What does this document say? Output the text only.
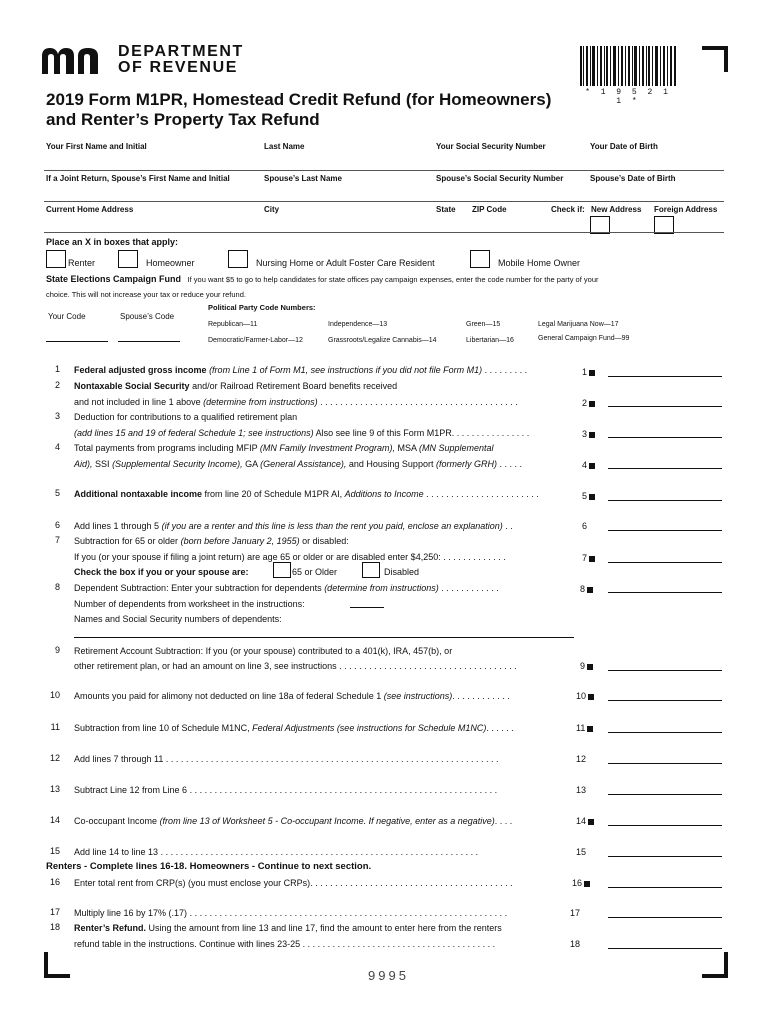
DEPARTMENT
OF REVENUE
* 1 9 5 2 1 1 *
2019 Form M1PR, Homestead Credit Refund (for Homeowners)
and Renter’s Property Tax Refund
Your First Name and Initial	Last Name	Your Social Security Number	Your Date of Birth
If a Joint Return, Spouse’s First Name and Initial	Spouse’s Last Name	Spouse’s Social Security Number	Spouse’s Date of Birth
Current Home Address	City	State ZIP Code	Check if: New Address Foreign Address
Place an X in boxes that apply:
Renter	Homeowner	Nursing Home or Adult Foster Care Resident	Mobile Home Owner
State Elections Campaign Fund If you want $5 to go to help candidates for state offices pay campaign expenses, enter the code number for the party of your
choice. This will not increase your tax or reduce your refund.
Political Party Code Numbers:
Your Code	Spouse’s Code
Republican—11	Independence—13	Green—15	Legal Marijuana Now—17
Democratic/Farmer-Labor—12	Grassroots/Legalize Cannabis—14	Libertarian—16	General Campaign Fund—99
1 Federal adjusted gross income (from Line 1 of Form M1, see instructions if you did not file Form M1) . . . . . . . . .	1
2 Nontaxable Social Security and/or Railroad Retirement Board benefits received
and not included in line 1 above (determine from instructions) . . . . . . . . . . . . . . . . . . . . . . . . . . . . . . . . . . . . . . . .	2
3 Deduction for contributions to a qualified retirement plan
(add lines 15 and 19 of federal Schedule 1; see instructions) Also see line 9 of this Form M1PR. . . . . . . . . . . . . . . .	3
4 Total payments from programs including MFIP (MN Family Investment Program), MSA (MN Supplemental
Aid), SSI (Supplemental Security Income), GA (General Assistance), and Housing Support (formerly GRH) . . . . .	4
5 Additional nontaxable income from line 20 of Schedule M1PR AI, Additions to Income . . . . . . . . . . . . . . . . . . . . . . .	5
6 Add lines 1 through 5 (if you are a renter and this line is less than the rent you paid, enclose an explanation) . .	6
7 Subtraction for 65 or older (born before January 2, 1955) or disabled:
If you (or your spouse if filing a joint return) are age 65 or older or are disabled enter $4,250: . . . . . . . . . . . . .	7
Check the box if you or your spouse are:	65 or Older	Disabled
8 Dependent Subtraction: Enter your subtraction for dependents (determine from instructions) . . . . . . . . . . . .	8
Number of dependents from worksheet in the instructions:
Names and Social Security numbers of dependents:
9 Retirement Account Subtraction: If you (or your spouse) contributed to a 401(k), IRA, 457(b), or
other retirement plan, or had an amount on line 3, see instructions . . . . . . . . . . . . . . . . . . . . . . . . . . . . . . . . . . . .	9
10 Amounts you paid for alimony not deducted on line 18a of federal Schedule 1 (see instructions). . . . . . . . . . . .	10
11 Subtraction from line 10 of Schedule M1NC, Federal Adjustments (see instructions for Schedule M1NC). . . . . .	11
12 Add lines 7 through 11 . . . . . . . . . . . . . . . . . . . . . . . . . . . . . . . . . . . . . . . . . . . . . . . . . . . . . . . . . . . . . . . . . . .	12
13 Subtract Line 12 from Line 6 . . . . . . . . . . . . . . . . . . . . . . . . . . . . . . . . . . . . . . . . . . . . . . . . . . . . . . . . . . . . . .	13
14 Co-occupant Income (from line 13 of Worksheet 5 - Co-occupant Income. If negative, enter as a negative). . . .	14
15 Add line 14 to line 13 . . . . . . . . . . . . . . . . . . . . . . . . . . . . . . . . . . . . . . . . . . . . . . . . . . . . . . . . . . . . . . . .	15
Renters - Complete lines 16-18. Homeowners - Continue to next section.
16 Enter total rent from CRP(s) (you must enclose your CRPs). . . . . . . . . . . . . . . . . . . . . . . . . . . . . . . . . . . . . . . . .	16
17 Multiply line 16 by 17% (.17) . . . . . . . . . . . . . . . . . . . . . . . . . . . . . . . . . . . . . . . . . . . . . . . . . . . . . . . . . . . . . . . .	17
18 Renter’s Refund. Using the amount from line 13 and line 17, find the amount to enter here from the renters
refund table in the instructions. Continue with lines 23-25 . . . . . . . . . . . . . . . . . . . . . . . . . . . . . . . . . . . . . . .	18
9995
